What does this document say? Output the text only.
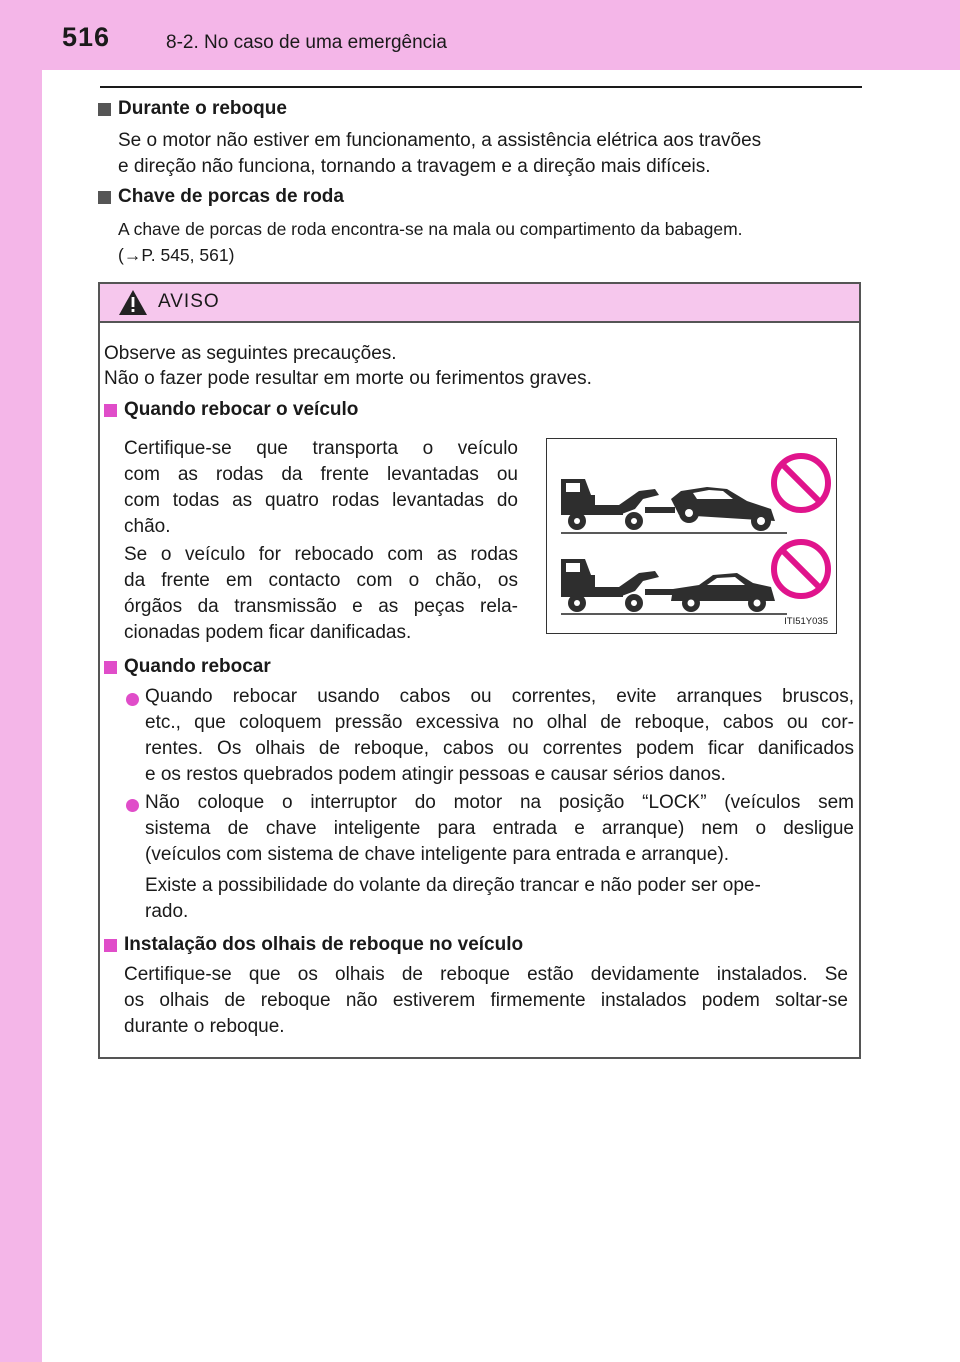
516	8-2. No caso de uma emergência
Durante o reboque
Se o motor não estiver em funcionamento, a assistência elétrica aos travões
e direção não funciona, tornando a travagem e a direção mais difíceis.
Chave de porcas de roda
A chave de porcas de roda encontra-se na mala ou compartimento da babagem.
(→P. 545, 561)
AVISO
Observe as seguintes precauções.
Não o fazer pode resultar em morte ou ferimentos graves.
Quando rebocar o veículo
Certifique-se que transporta o veículo
com as rodas da frente levantadas ou
com todas as quatro rodas levantadas do
chão.
Se o veículo for rebocado com as rodas
da frente em contacto com o chão, os
órgãos da transmissão e as peças rela-
cionadas podem ficar danificadas.
ITI51Y035
Quando rebocar
Quando rebocar usando cabos ou correntes, evite arranques bruscos,
etc., que coloquem pressão excessiva no olhal de reboque, cabos ou cor-
rentes. Os olhais de reboque, cabos ou correntes podem ficar danificados
e os restos quebrados podem atingir pessoas e causar sérios danos.
Não coloque o interruptor do motor na posição “LOCK” (veículos sem
sistema de chave inteligente para entrada e arranque) nem o desligue
(veículos com sistema de chave inteligente para entrada e arranque).
Existe a possibilidade do volante da direção trancar e não poder ser ope-
rado.
Instalação dos olhais de reboque no veículo
Certifique-se que os olhais de reboque estão devidamente instalados. Se
os olhais de reboque não estiverem firmemente instalados podem soltar-se
durante o reboque.
